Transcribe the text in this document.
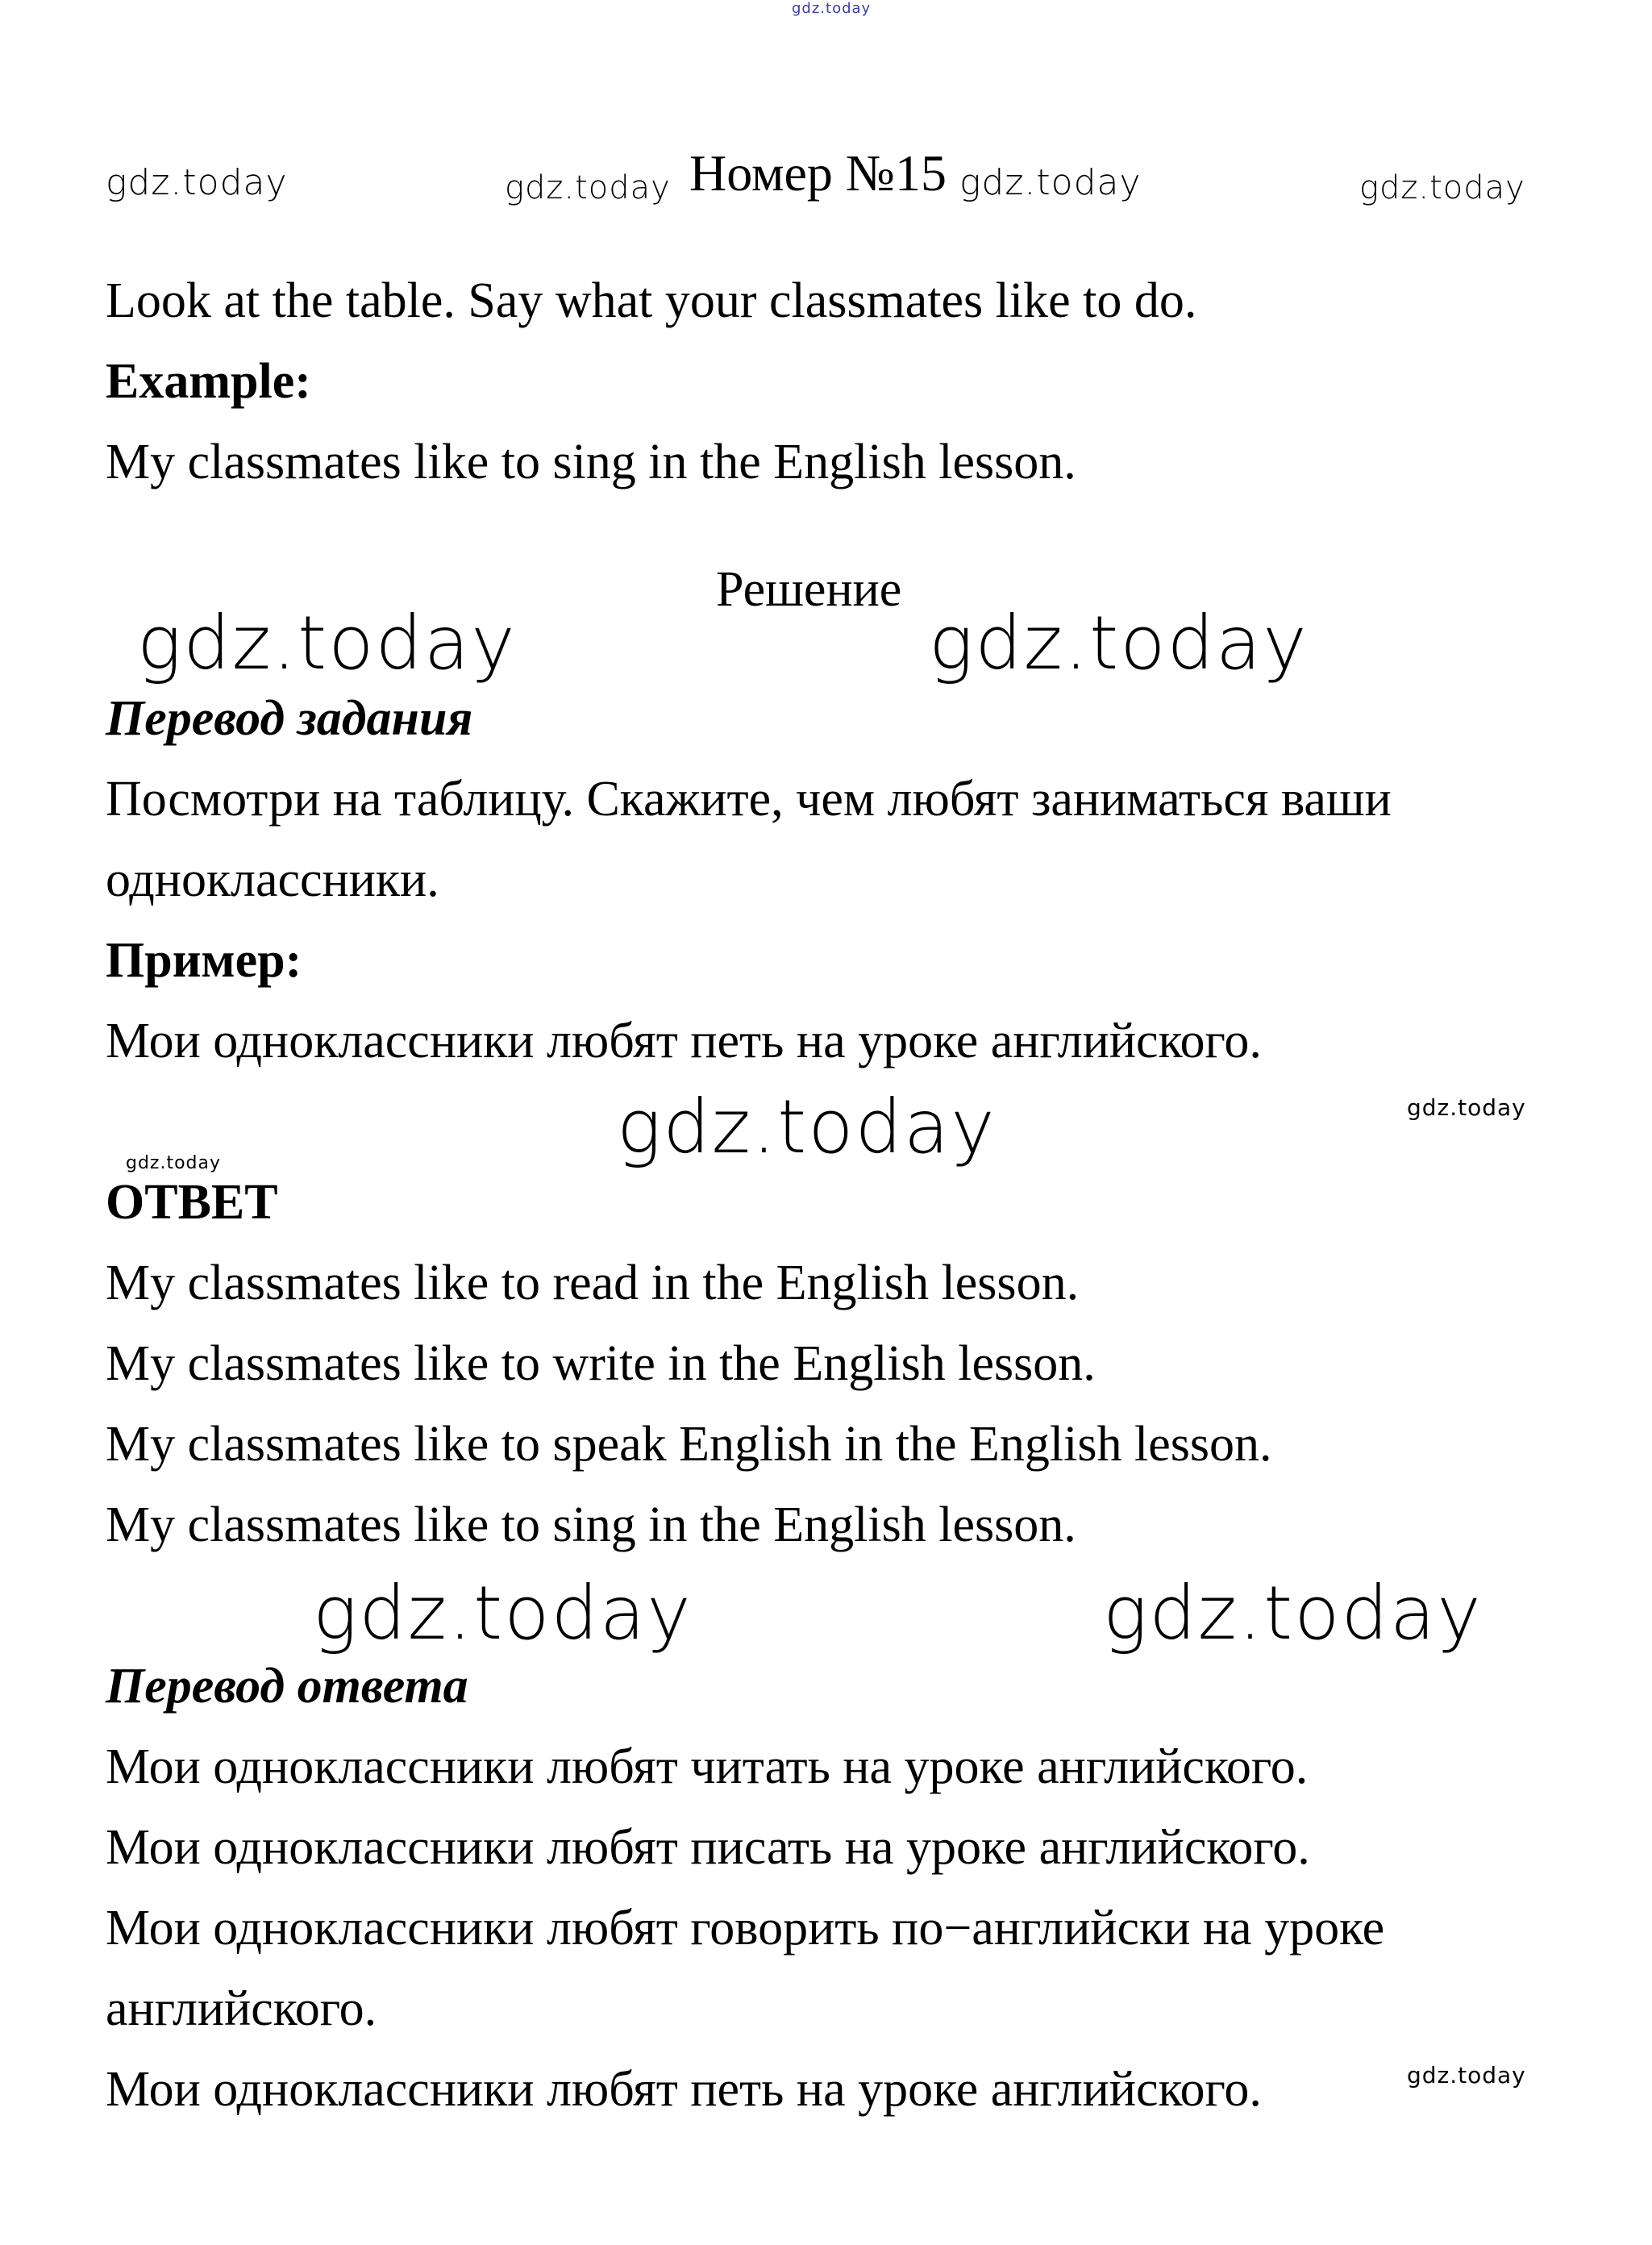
gdz.today
gdz.today	gdz.today	gdz.today	gdz.today
gdz.today	gdz.today
gdz.today	gdz.today
gdz.today
gdz.today	gdz.today
gdz.today
Номер №15
Look at the table. Say what your classmates like to do.
Example:
My classmates like to sing in the English lesson.
Решение
Перевод задания
Посмотри на таблицу. Скажите, чем любят заниматься ваши
одноклассники.
Пример:
Мои одноклассники любят петь на уроке английского.
ОТВЕТ
My classmates like to read in the English lesson.
My classmates like to write in the English lesson.
My classmates like to speak English in the English lesson.
My classmates like to sing in the English lesson.
Перевод ответа
Мои одноклассники любят читать на уроке английского.
Мои одноклассники любят писать на уроке английского.
Мои одноклассники любят говорить по−английски на уроке
английского.
Мои одноклассники любят петь на уроке английского.
